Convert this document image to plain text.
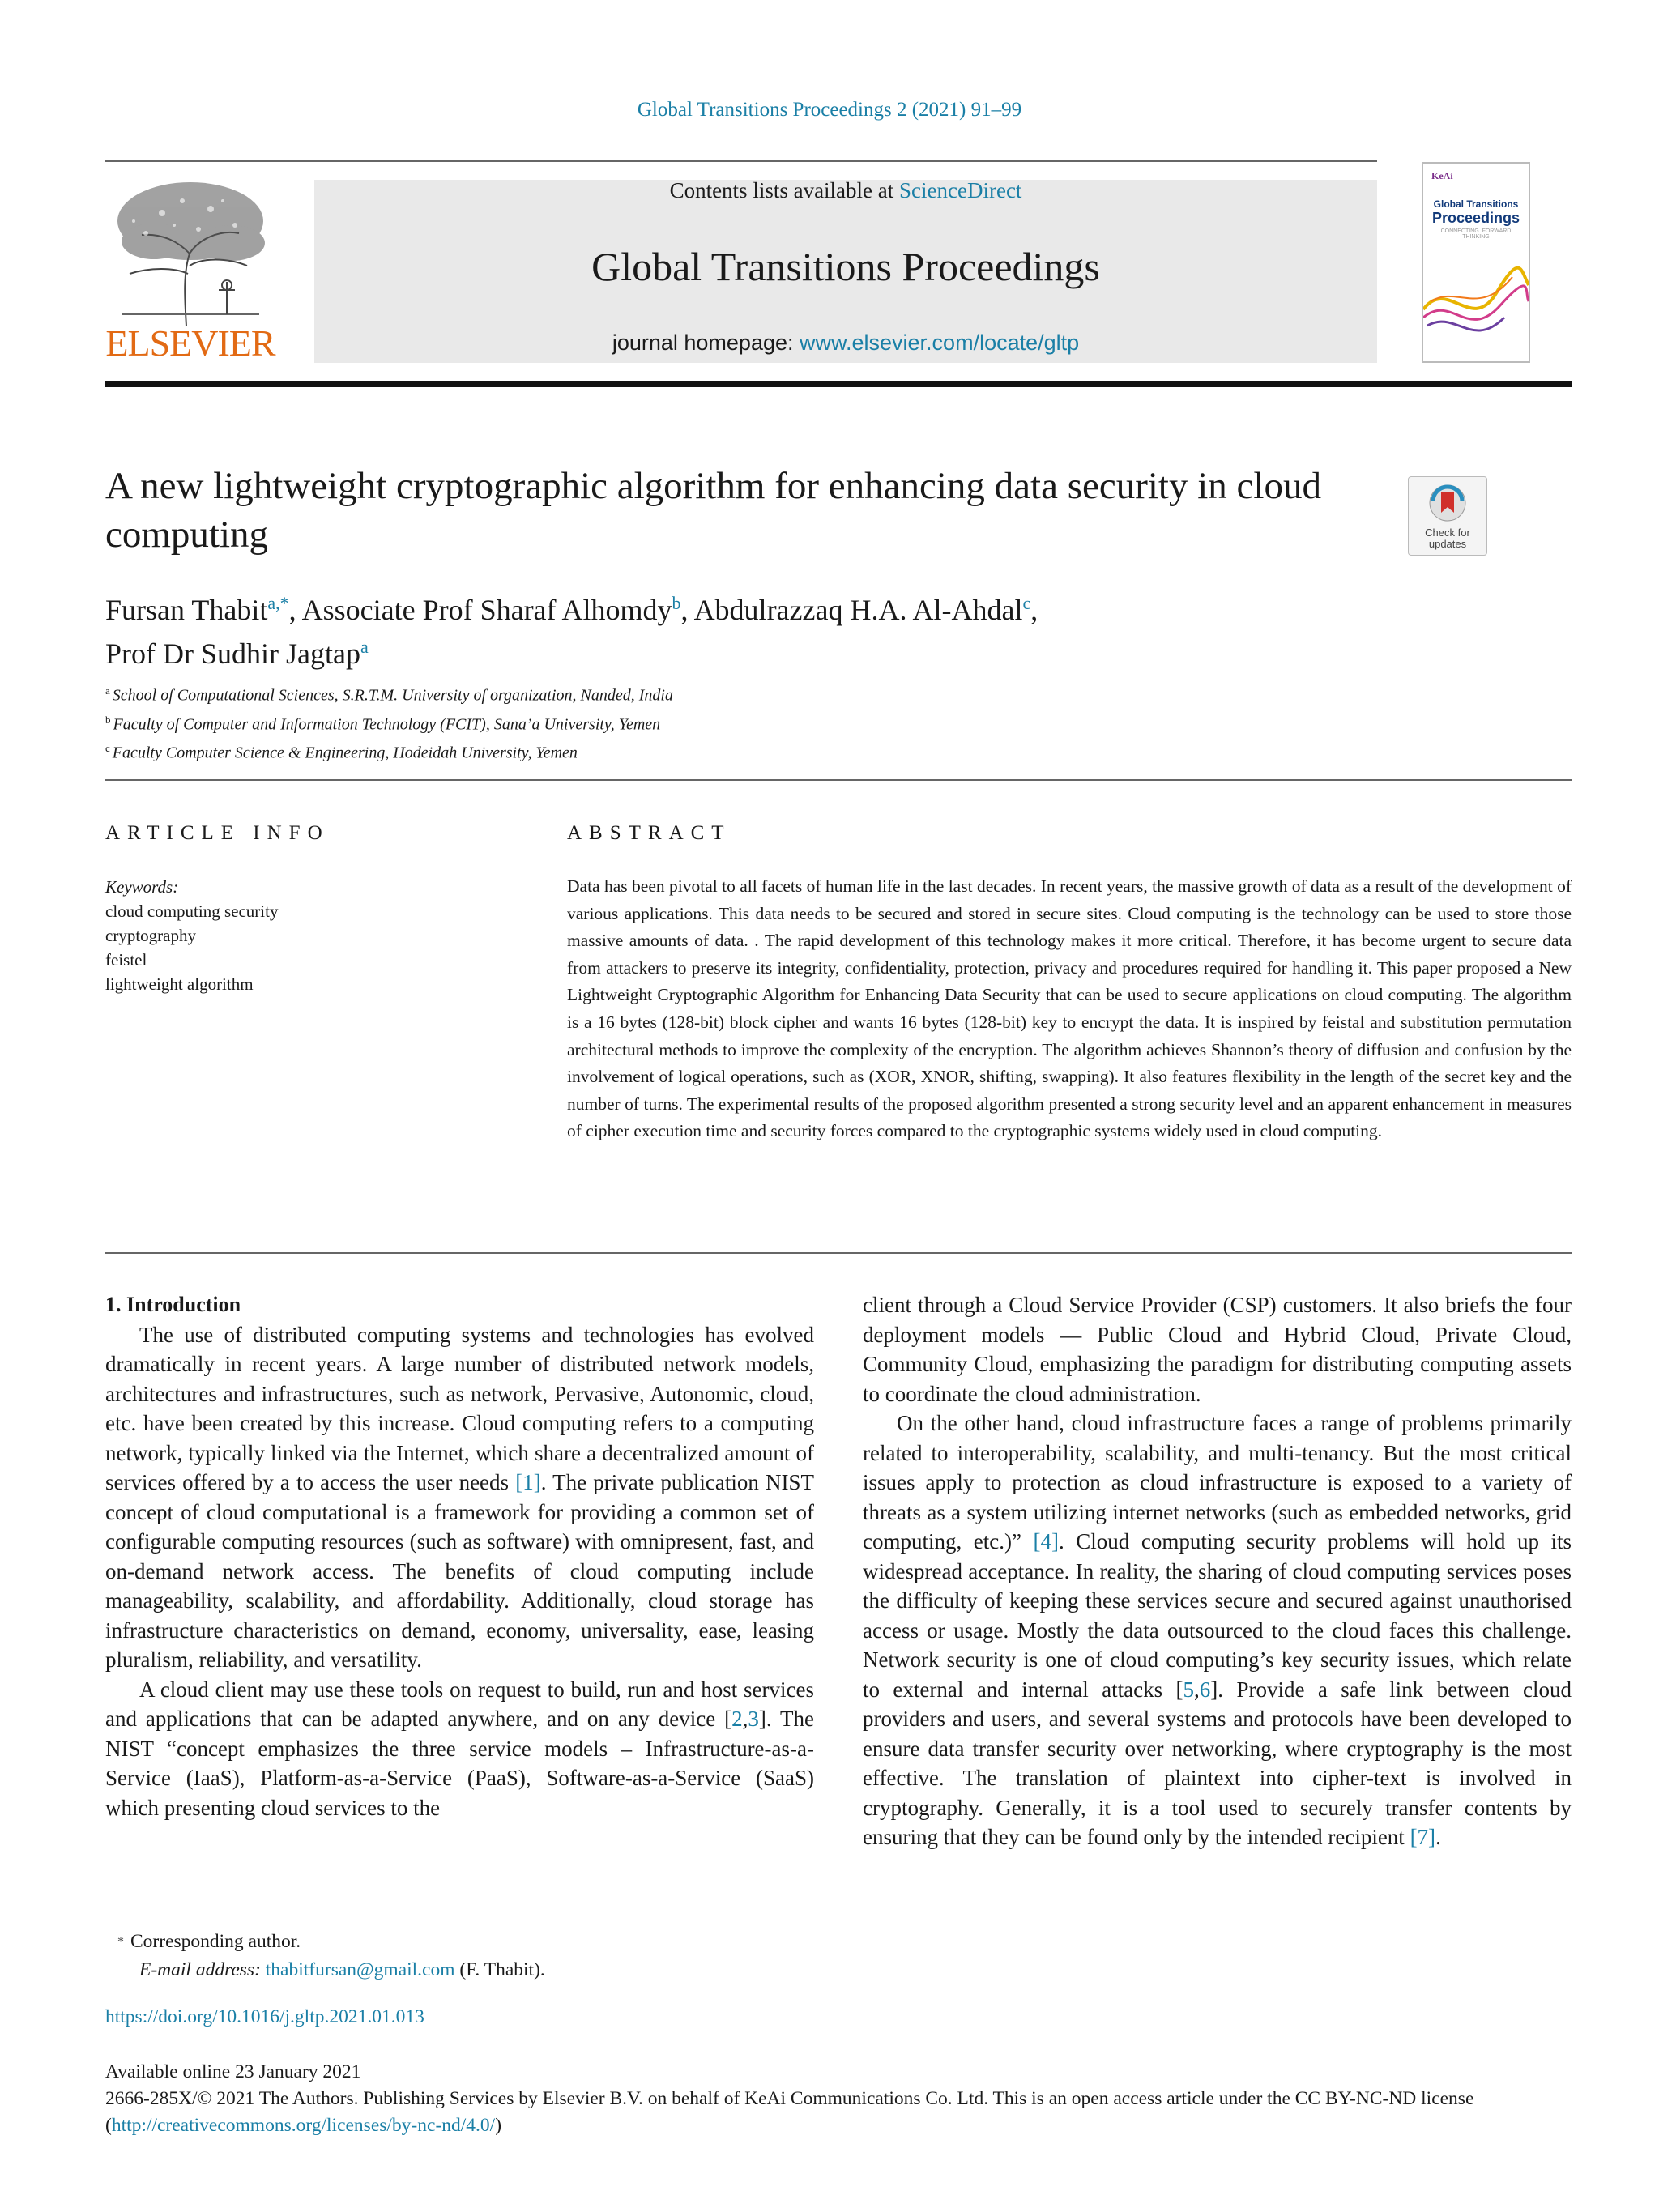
Global Transitions Proceedings 2 (2021) 91–99
ELSEVIER
Contents lists available at ScienceDirect
Global Transitions Proceedings
journal homepage: www.elsevier.com/locate/gltp
KeAi
Global Transitions
Proceedings
CONNECTING. FORWARD THINKING
A new lightweight cryptographic algorithm for enhancing data security in cloud computing	Check for updates
Fursan Thabit$^{a,*}$, Associate Prof Sharaf Alhomdy$^b$, Abdulrazzaq H.A. Al-Ahdal$^c$,
Prof Dr Sudhir Jagtap$^a$
$^a$ School of Computational Sciences, S.R.T.M. University of organization, Nanded, India
$^b$ Faculty of Computer and Information Technology (FCIT), Sana’a University, Yemen
$^c$ Faculty Computer Science & Engineering, Hodeidah University, Yemen
ARTICLE INFO	ABSTRACT
Keywords:
cloud computing security
cryptography
feistel
lightweight algorithm
Data has been pivotal to all facets of human life in the last decades. In recent years, the massive growth of data as a result of the development of various applications. This data needs to be secured and stored in secure sites. Cloud computing is the technology can be used to store those massive amounts of data. . The rapid development of this technology makes it more critical. Therefore, it has become urgent to secure data from attackers to preserve its integrity, confidentiality, protection, privacy and procedures required for handling it. This paper proposed a New Lightweight Cryptographic Algorithm for Enhancing Data Security that can be used to secure applications on cloud computing. The algorithm is a 16 bytes (128-bit) block cipher and wants 16 bytes (128-bit) key to encrypt the data. It is inspired by feistal and substitution permutation architectural methods to improve the complexity of the encryption. The algorithm achieves Shannon’s theory of diffusion and confusion by the involvement of logical operations, such as (XOR, XNOR, shifting, swapping). It also features flexibility in the length of the secret key and the number of turns. The experimental results of the proposed algorithm presented a strong security level and an apparent enhancement in measures of cipher execution time and security forces compared to the cryptographic systems widely used in cloud computing.

1. Introduction

The use of distributed computing systems and technologies has evolved dramatically in recent years. A large number of distributed network models, architectures and infrastructures, such as network, Pervasive, Autonomic, cloud, etc. have been created by this increase. Cloud computing refers to a computing network, typically linked via the Internet, which share a decentralized amount of services offered by a to access the user needs [1]. The private publication NIST concept of cloud computational is a framework for providing a common set of configurable computing resources (such as software) with omnipresent, fast, and on-demand network access. The benefits of cloud computing include manageability, scalability, and affordability. Additionally, cloud storage has infrastructure characteristics on demand, economy, universality, ease, leasing pluralism, reliability, and versatility.

A cloud client may use these tools on request to build, run and host services and applications that can be adapted anywhere, and on any device [2,3]. The NIST “concept emphasizes the three service models – Infrastructure-as-a-Service (IaaS), Platform-as-a-Service (PaaS), Software-as-a-Service (SaaS) which presenting cloud services to the

client through a Cloud Service Provider (CSP) customers. It also briefs the four deployment models — Public Cloud and Hybrid Cloud, Private Cloud, Community Cloud, emphasizing the paradigm for distributing computing assets to coordinate the cloud administration.

On the other hand, cloud infrastructure faces a range of problems primarily related to interoperability, scalability, and multi-tenancy. But the most critical issues apply to protection as cloud infrastructure is exposed to a variety of threats as a system utilizing internet networks (such as embedded networks, grid computing, etc.)” [4]. Cloud computing security problems will hold up its widespread acceptance. In reality, the sharing of cloud computing services poses the difficulty of keeping these services secure and secured against unauthorised access or usage. Mostly the data outsourced to the cloud faces this challenge. Network security is one of cloud computing’s key security issues, which relate to external and internal attacks [5,6]. Provide a safe link between cloud providers and users, and several systems and protocols have been developed to ensure data transfer security over networking, where cryptography is the most effective. The translation of plaintext into cipher-text is involved in cryptography. Generally, it is a tool used to securely transfer contents by ensuring that they can be found only by the intended recipient [7].

* Corresponding author.
E-mail address: thabitfursan@gmail.com (F. Thabit).
https://doi.org/10.1016/j.gltp.2021.01.013
Available online 23 January 2021
2666-285X/© 2021 The Authors. Publishing Services by Elsevier B.V. on behalf of KeAi Communications Co. Ltd. This is an open access article under the CC BY-NC-ND license (http://creativecommons.org/licenses/by-nc-nd/4.0/)
